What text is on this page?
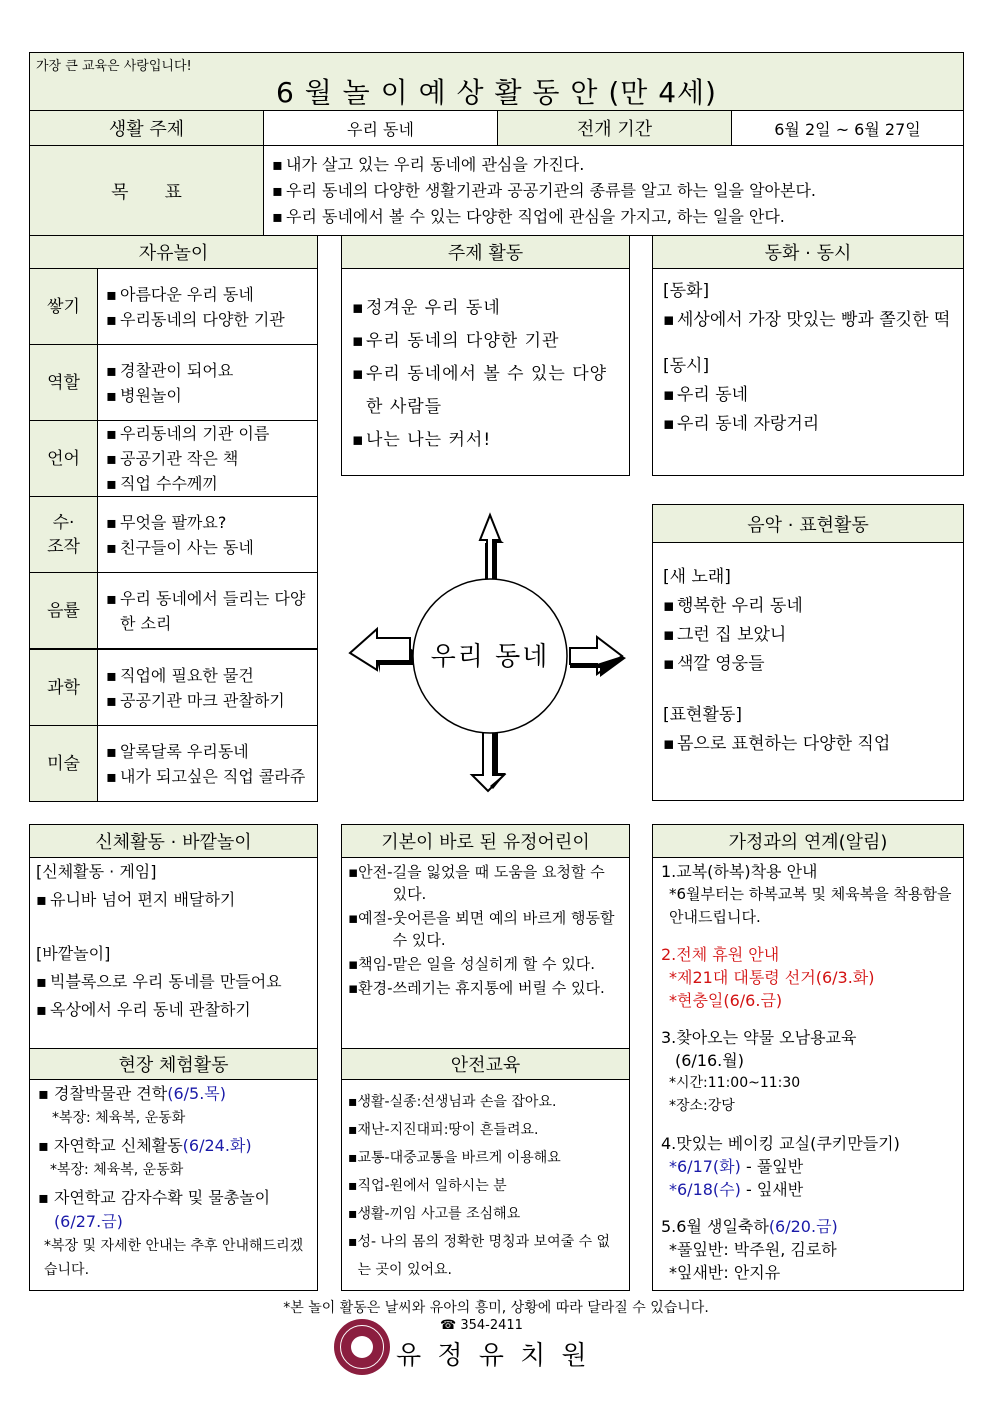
가장 큰 교육은 사랑입니다!
6 월 놀 이 예 상 활 동 안 (만 4세)
생활 주제	우리 동네	전개 기간	6월 2일 ~ 6월 27일
목　　표
▪ 내가 살고 있는 우리 동네에 관심을 가진다.
▪ 우리 동네의 다양한 생활기관과 공공기관의 종류를 알고 하는 일을 알아본다.
▪ 우리 동네에서 볼 수 있는 다양한 직업에 관심을 가지고, 하는 일을 안다.
자유놀이
쌓기
▪ 아름다운 우리 동네
▪ 우리동네의 다양한 기관
역할
▪ 경찰관이 되어요
▪ 병원놀이
언어
▪ 우리동네의 기관 이름
▪ 공공기관 작은 책
▪ 직업 수수께끼
수·
조작
▪ 무엇을 팔까요?
▪ 친구들이 사는 동네
음률
▪ 우리 동네에서 들리는 다양한 소리
과학
▪ 직업에 필요한 물건
▪ 공공기관 마크 관찰하기
미술
▪ 알록달록 우리동네
▪ 내가 되고싶은 직업 콜라쥬
주제 활동
▪ 정겨운 우리 동네
▪ 우리 동네의 다양한 기관
▪ 우리 동네에서 볼 수 있는 다양한 사람들
▪ 나는 나는 커서!
동화 · 동시
[동화]
▪ 세상에서 가장 맛있는 빵과 쫄깃한 떡
[동시]
▪ 우리 동네
▪ 우리 동네 자랑거리
우리 동네
음악 · 표현활동
[새 노래]
▪ 행복한 우리 동네
▪ 그런 집 보았니
▪ 색깔 영웅들
[표현활동]
▪ 몸으로 표현하는 다양한 직업
신체활동 · 바깥놀이
[신체활동 · 게임]
▪ 유니바 넘어 편지 배달하기
[바깥놀이]
▪ 빅블록으로 우리 동네를 만들어요
▪ 옥상에서 우리 동네 관찰하기
기본이 바로 된 유정어린이
▪ 안전- 길을 잃었을 때 도움을 요청할 수 있다.
▪ 예절- 웃어른을 뵈면 예의 바르게 행동할 수 있다.
▪ 책임- 맡은 일을 성실히게 할 수 있다.
▪ 환경- 쓰레기는 휴지통에 버릴 수 있다.
가정과의 연계(알림)
1.교복(하복)착용 안내
*6월부터는 하복교복 및 체육복을 착용함을 안내드립니다.
2.전체 휴원 안내
*제21대 대통령 선거(6/3.화)
*현충일(6/6.금)
3.찾아오는 약물 오남용교육
(6/16.월)
*시간:11:00~11:30
*장소:강당
4.맛있는 베이킹 교실(쿠키만들기)
*6/17(화) - 풀잎반
*6/18(수) - 잎새반
5.6월 생일축하(6/20.금)
*풀잎반: 박주원, 김로하
*잎새반: 안지유
현장 체험활동
▪ 경찰박물관 견학(6/5.목)
*복장: 체육복, 운동화
▪ 자연학교 신체활동(6/24.화)
*복장: 체육복, 운동화
▪ 자연학교 감자수확 및 물총놀이(6/27.금)
*복장 및 자세한 안내는 추후 안내해드리겠습니다.
안전교육
▪생활-실종:선생님과 손을 잡아요.
▪재난-지진대피:땅이 흔들려요.
▪교통-대중교통을 바르게 이용해요
▪직업-원에서 일하시는 분
▪생활-끼임 사고를 조심해요
▪ 성- 나의 몸의 정확한 명칭과 보여줄 수 없는 곳이 있어요.
*본 놀이 활동은 날씨와 유아의 흥미, 상황에 따라 달라질 수 있습니다.
☎ 354-2411
유 정 유 치 원
